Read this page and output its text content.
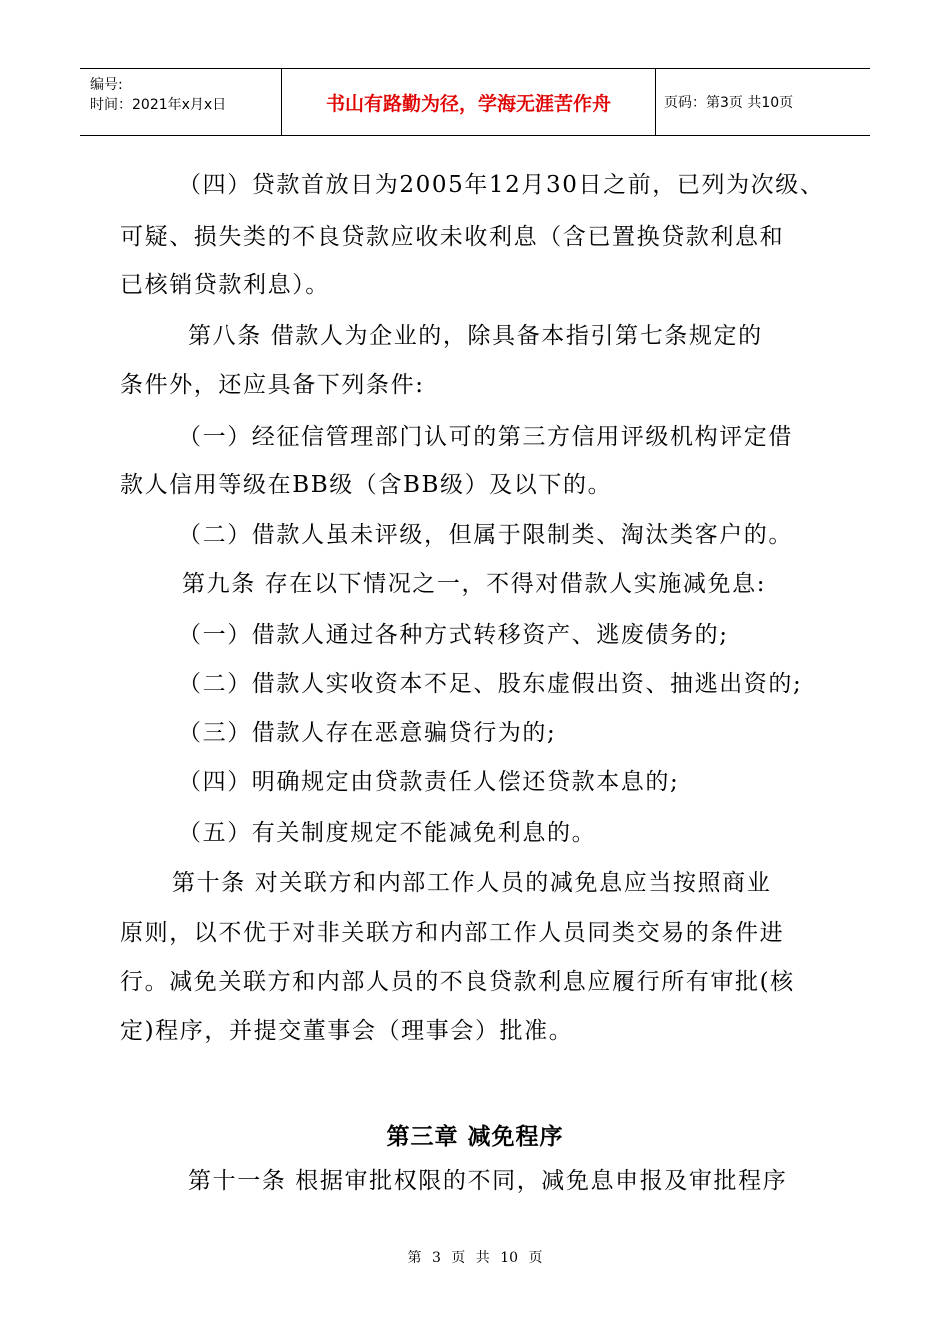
编号:
时间：2021年x月x日	书山有路勤为径，学海无涯苦作舟	页码：第3页 共10页
（四）贷款首放日为2005年12月30日之前，已列为次级、
可疑、损失类的不良贷款应收未收利息（含已置换贷款利息和
已核销贷款利息）。
第八条 借款人为企业的，除具备本指引第七条规定的
条件外，还应具备下列条件:
（一）经征信管理部门认可的第三方信用评级机构评定借
款人信用等级在BB级（含BB级）及以下的。
（二）借款人虽未评级，但属于限制类、淘汰类客户的。
第九条 存在以下情况之一，不得对借款人实施减免息:
（一）借款人通过各种方式转移资产、逃废债务的;
（二）借款人实收资本不足、股东虚假出资、抽逃出资的;
（三）借款人存在恶意骗贷行为的;
（四）明确规定由贷款责任人偿还贷款本息的;
（五）有关制度规定不能减免利息的。
第十条 对关联方和内部工作人员的减免息应当按照商业
原则，以不优于对非关联方和内部工作人员同类交易的条件进
行。减免关联方和内部人员的不良贷款利息应履行所有审批(核
定)程序，并提交董事会（理事会）批准。
第三章 减免程序
第十一条 根据审批权限的不同，减免息申报及审批程序
第 3 页 共 10 页
